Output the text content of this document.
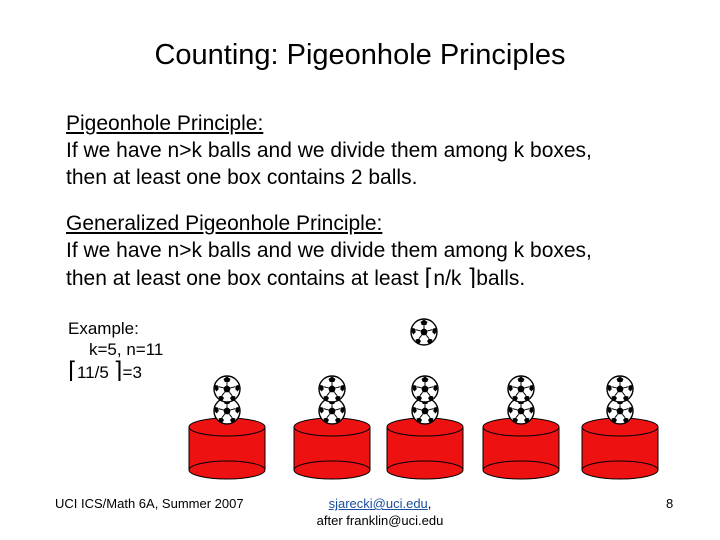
Counting: Pigeonhole Principles
Pigeonhole Principle:
If we have n>k balls and we divide them among k boxes,
then at least one box contains 2 balls.
Generalized Pigeonhole Principle:
If we have n>k balls and we divide them among k boxes,
then at least one box contains at least ⌈n/k ⌉balls.
Example:
k=5, n=11
⌈11/5 ⌉=3
UCI ICS/Math 6A, Summer 2007	sjarecki@uci.edu,
after franklin@uci.edu
8
